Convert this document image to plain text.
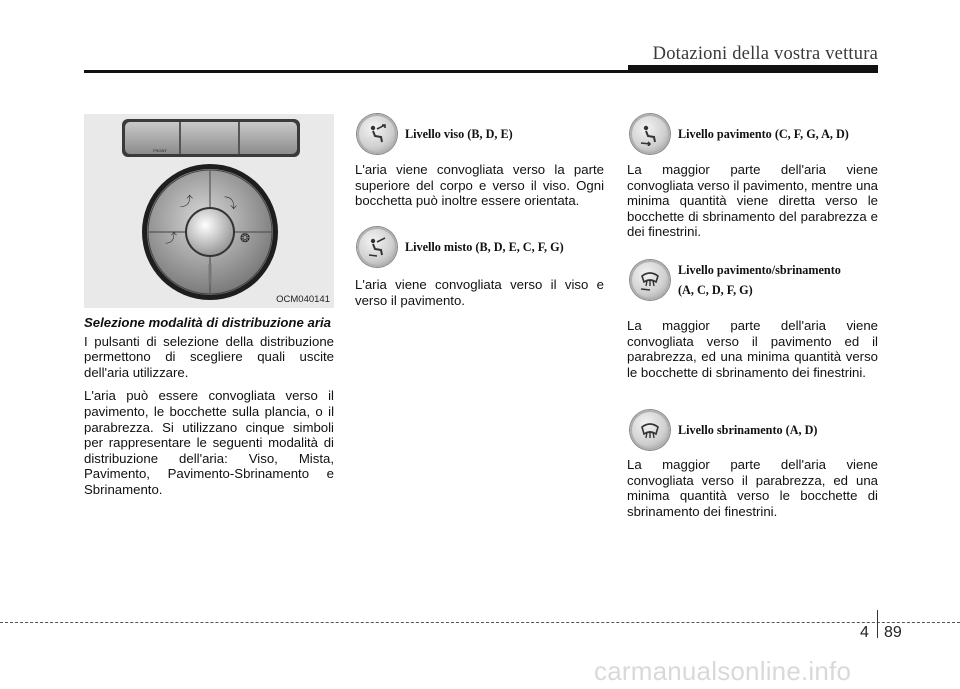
Dotazioni della vostra vettura
FRONT
⤴ ⤵
❂
⤴
OCM040141
Selezione modalità di distribuzione aria

I pulsanti di selezione della distribuzione permettono di scegliere quali uscite dell'aria utilizzare.

L'aria può essere convogliata verso il pavimento, le bocchette sulla plancia, o il parabrezza. Si utilizzano cinque simboli per rappresentare le seguenti modalità di distribuzione dell'aria: Viso, Mista, Pavimento, Pavimento-Sbrinamento e Sbrinamento.

Livello viso (B, D, E)
L'aria viene convogliata verso la parte superiore del corpo e verso il viso. Ogni bocchetta può inoltre essere orientata.
Livello misto (B, D, E, C, F, G)
L'aria viene convogliata verso il viso e verso il pavimento.
Livello pavimento (C, F, G, A, D)
La maggior parte dell'aria viene convogliata verso il pavimento, mentre una minima quantità viene diretta verso le bocchette di sbrinamento del parabrezza e dei finestrini.
Livello pavimento/sbrinamento
(A, C, D, F, G)
La maggior parte dell'aria viene convogliata verso il pavimento ed il parabrezza, ed una minima quantità verso le bocchette di sbrinamento dei finestrini.
Livello sbrinamento (A, D)
La maggior parte dell'aria viene convogliata verso il parabrezza, ed una minima quantità verso le bocchette di sbrinamento dei finestrini.
4 89
carmanualsonline.info
